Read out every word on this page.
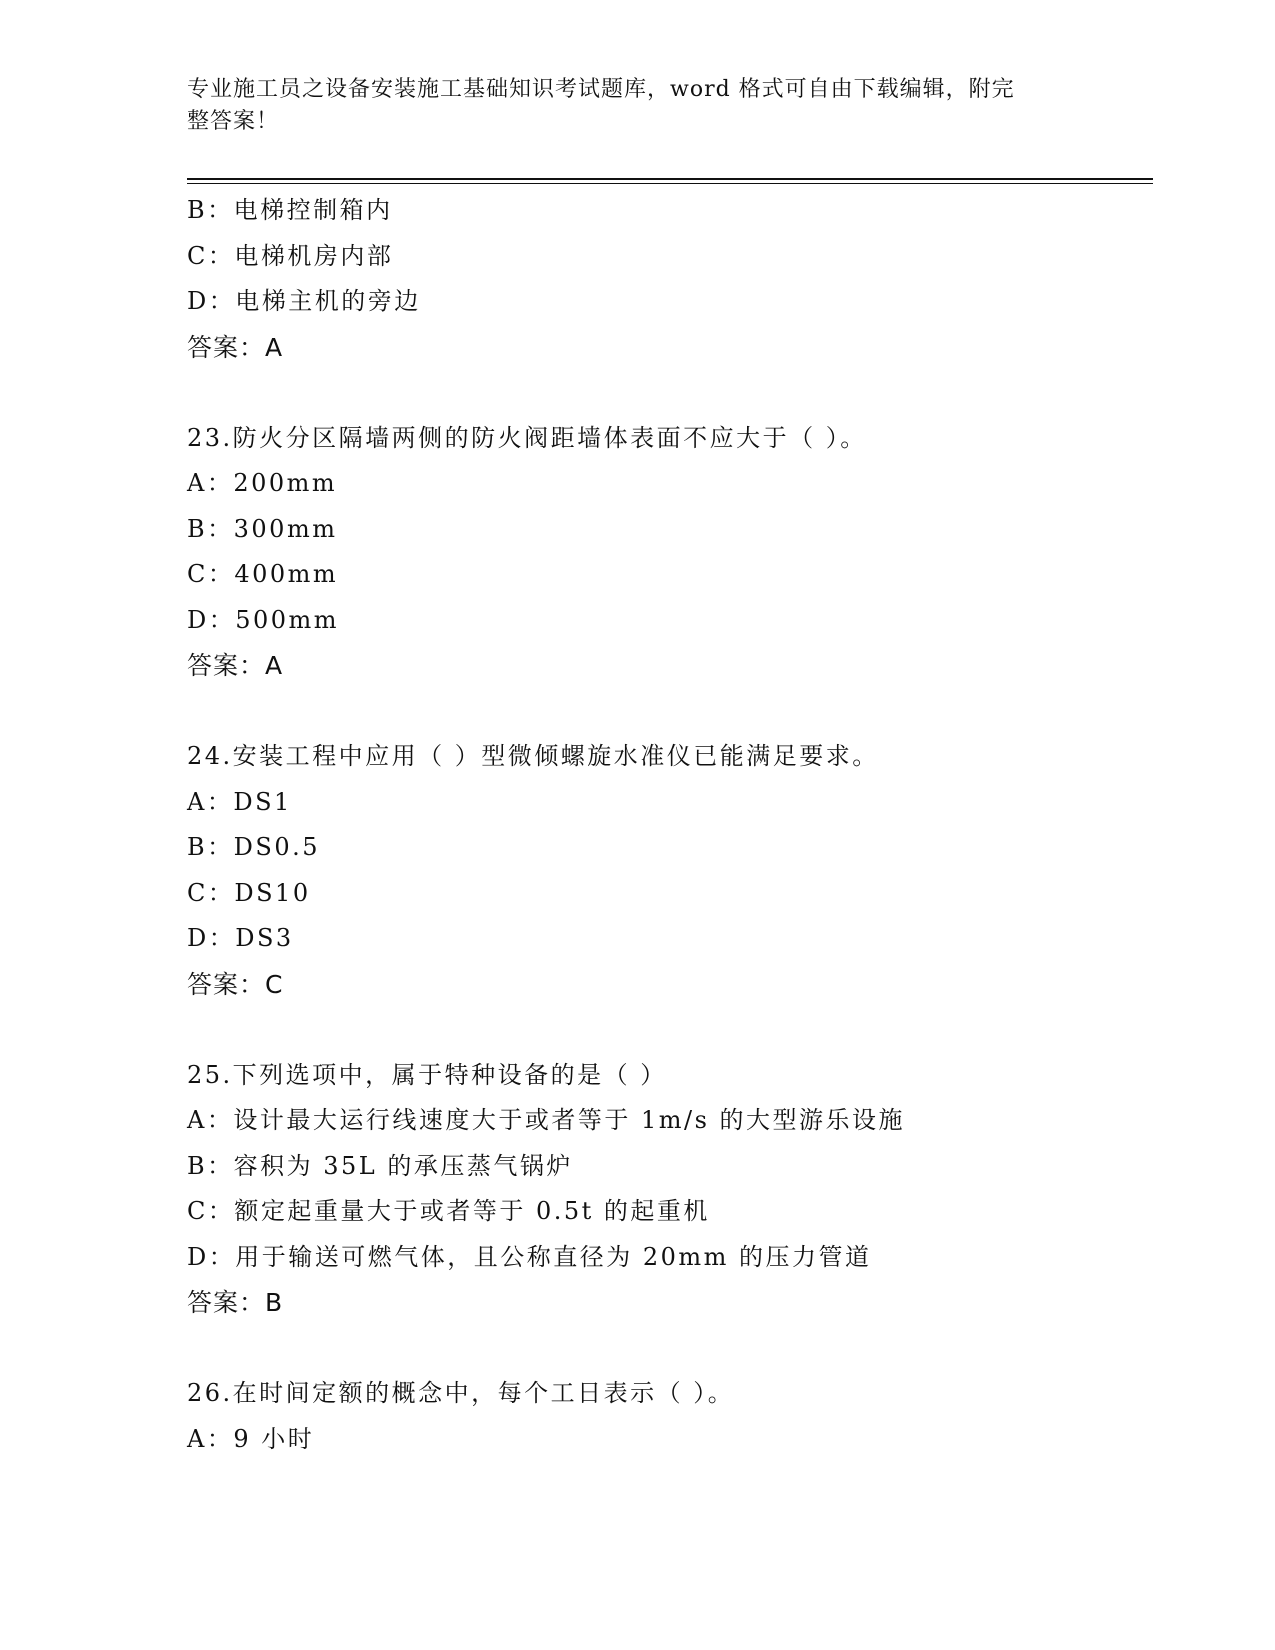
专业施工员之设备安装施工基础知识考试题库，word 格式可自由下载编辑，附完
整答案！
B：电梯控制箱内
C：电梯机房内部
D：电梯主机的旁边
答案：A
23.防火分区隔墙两侧的防火阀距墙体表面不应大于（ ）。
A：200mm
B：300mm
C：400mm
D：500mm
答案：A
24.安装工程中应用（ ）型微倾螺旋水准仪已能满足要求。
A：DS1
B：DS0.5
C：DS10
D：DS3
答案：C
25.下列选项中，属于特种设备的是（ ）
A：设计最大运行线速度大于或者等于 1m/s 的大型游乐设施
B：容积为 35L 的承压蒸气锅炉
C：额定起重量大于或者等于 0.5t 的起重机
D：用于输送可燃气体，且公称直径为 20mm 的压力管道
答案：B
26.在时间定额的概念中，每个工日表示（ ）。
A：9 小时
